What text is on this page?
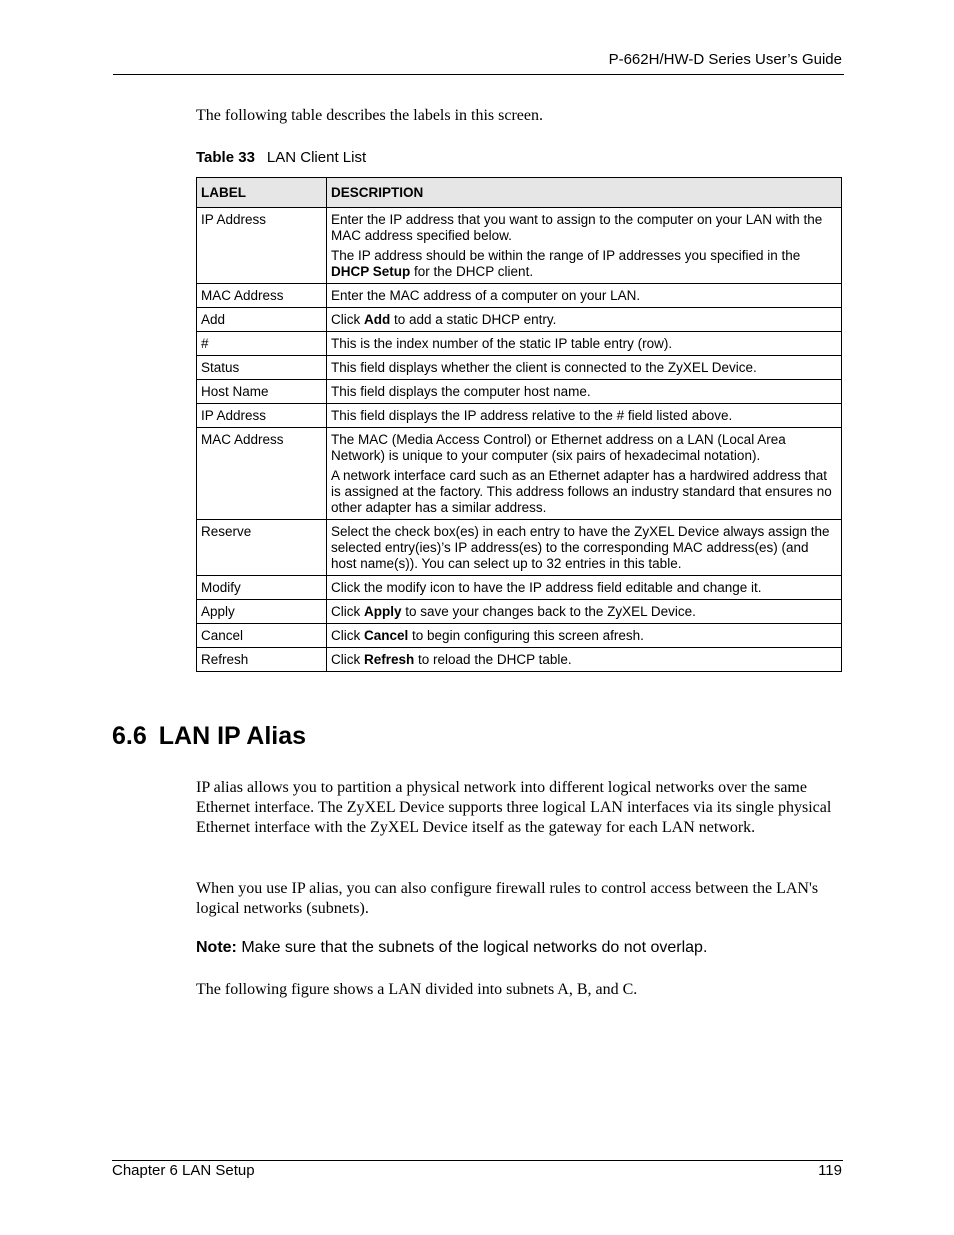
P-662H/HW-D Series User’s Guide
The following table describes the labels in this screen.
Table 33 LAN Client List
LABEL	DESCRIPTION
IP Address	Enter the IP address that you want to assign to the computer on your LAN with the MAC address specified below.

The IP address should be within the range of IP addresses you specified in the DHCP Setup for the DHCP client.

MAC Address	Enter the MAC address of a computer on your LAN.
Add	Click Add to add a static DHCP entry.
#	This is the index number of the static IP table entry (row).
Status	This field displays whether the client is connected to the ZyXEL Device.
Host Name	This field displays the computer host name.
IP Address	This field displays the IP address relative to the # field listed above.
MAC Address	The MAC (Media Access Control) or Ethernet address on a LAN (Local Area Network) is unique to your computer (six pairs of hexadecimal notation).

A network interface card such as an Ethernet adapter has a hardwired address that is assigned at the factory. This address follows an industry standard that ensures no other adapter has a similar address.

Reserve	Select the check box(es) in each entry to have the ZyXEL Device always assign the selected entry(ies)’s IP address(es) to the corresponding MAC address(es) (and host name(s)). You can select up to 32 entries in this table.
Modify	Click the modify icon to have the IP address field editable and change it.
Apply	Click Apply to save your changes back to the ZyXEL Device.
Cancel	Click Cancel to begin configuring this screen afresh.
Refresh	Click Refresh to reload the DHCP table.
6.6 LAN IP Alias

IP alias allows you to partition a physical network into different logical networks over the same Ethernet interface. The ZyXEL Device supports three logical LAN interfaces via its single physical Ethernet interface with the ZyXEL Device itself as the gateway for each LAN network.

When you use IP alias, you can also configure firewall rules to control access between the LAN's logical networks (subnets).

Note: Make sure that the subnets of the logical networks do not overlap.

The following figure shows a LAN divided into subnets A, B, and C.

Chapter 6 LAN Setup	119
